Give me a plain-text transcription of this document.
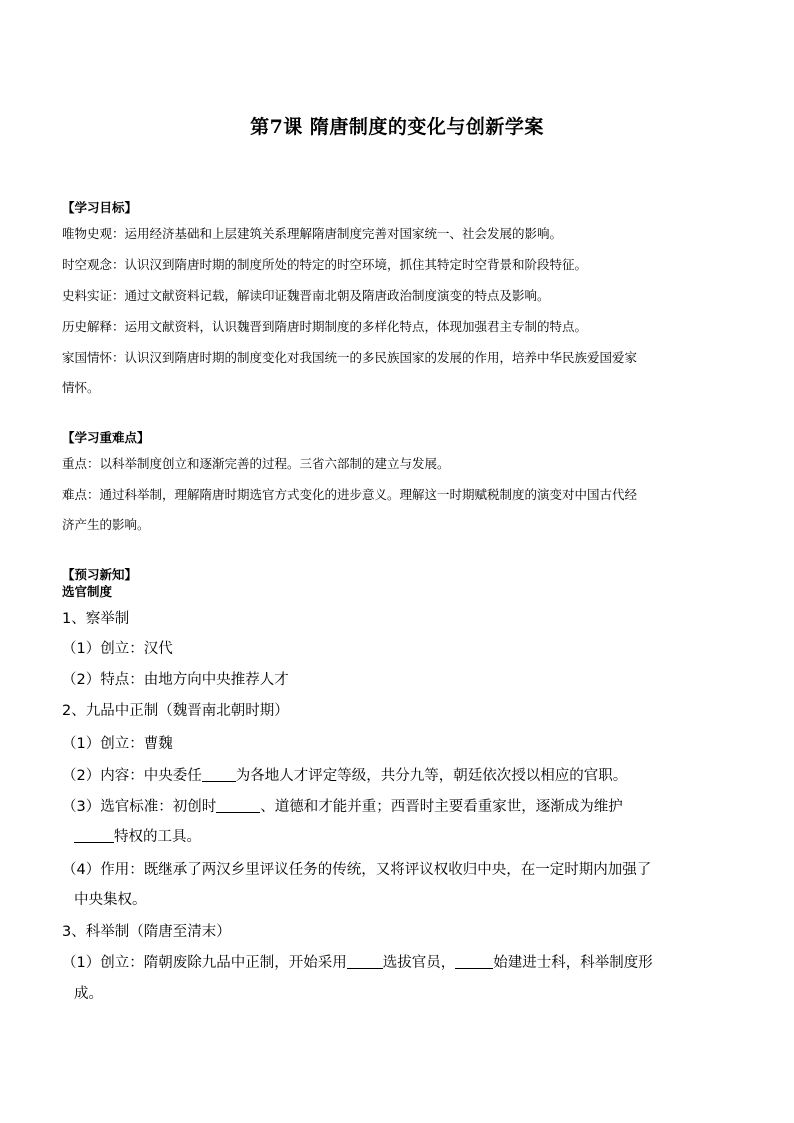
第7课 隋唐制度的变化与创新学案
【学习目标】
唯物史观：运用经济基础和上层建筑关系理解隋唐制度完善对国家统一、社会发展的影响。
时空观念：认识汉到隋唐时期的制度所处的特定的时空环境，抓住其特定时空背景和阶段特征。
史料实证：通过文献资料记载，解读印证魏晋南北朝及隋唐政治制度演变的特点及影响。
历史解释：运用文献资料，认识魏晋到隋唐时期制度的多样化特点，体现加强君主专制的特点。
家国情怀：认识汉到隋唐时期的制度变化对我国统一的多民族国家的发展的作用，培养中华民族爱国爱家
情怀。
【学习重难点】
重点：以科举制度创立和逐渐完善的过程。三省六部制的建立与发展。
难点：通过科举制，理解隋唐时期选官方式变化的进步意义。理解这一时期赋税制度的演变对中国古代经
济产生的影响。
【预习新知】
选官制度
1、察举制
（1）创立：汉代
（2）特点：由地方向中央推荐人才
2、九品中正制（魏晋南北朝时期）
（1）创立：曹魏
（2）内容：中央委任 为各地人才评定等级，共分九等，朝廷依次授以相应的官职。
（3）选官标准：初创时	、道德和才能并重；西晋时主要看重家世，逐渐成为维护
特权的工具。
（4）作用：既继承了两汉乡里评议任务的传统，又将评议权收归中央，在一定时期内加强了
中央集权。
3、科举制（隋唐至清末）
（1）创立：隋朝废除九品中正制，开始采用 选拔官员，	始建进士科，科举制度形
成。
